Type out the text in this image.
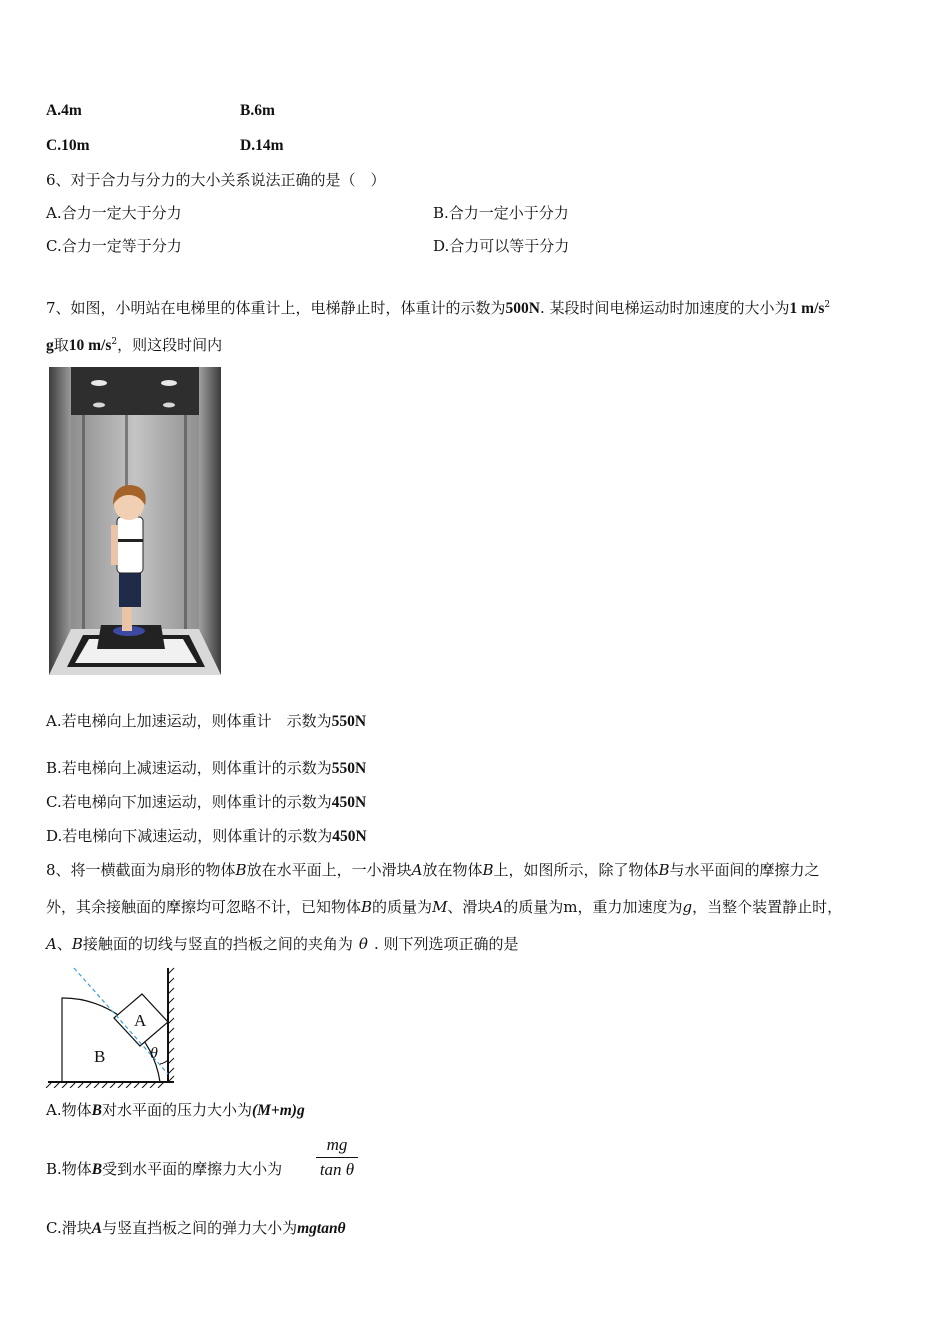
A.4m	B.6m
C.10m	D.14m
6、对于合力与分力的大小关系说法正确的是（　）
A.合力一定大于分力	B.合力一定小于分力
C.合力一定等于分力	D.合力可以等于分力
7、如图，小明站在电梯里的体重计上，电梯静止时，体重计的示数为500N. 某段时间电梯运动时加速度的大小为1 $m/s^2$
g取10 $m/s^2$，则这段时间内
A.若电梯向上加速运动，则体重计　示数为550N
B.若电梯向上减速运动，则体重计的示数为550N
C.若电梯向下加速运动，则体重计的示数为450N
D.若电梯向下减速运动，则体重计的示数为450N
8、将一横截面为扇形的物体B放在水平面上，一小滑块A放在物体B上，如图所示，除了物体B与水平面间的摩擦力之
外，其余接触面的摩擦均可忽略不计，已知物体B的质量为M、滑块A的质量为m，重力加速度为g，当整个装置静止时，
A、B接触面的切线与竖直的挡板之间的夹角为 θ . 则下列选项正确的是
A
B	θ
A.物体B对水平面的压力大小为(M+m)g
B.物体B受到水平面的摩擦力大小为
mg
tan θ
C.滑块A与竖直挡板之间的弹力大小为mgtanθ
